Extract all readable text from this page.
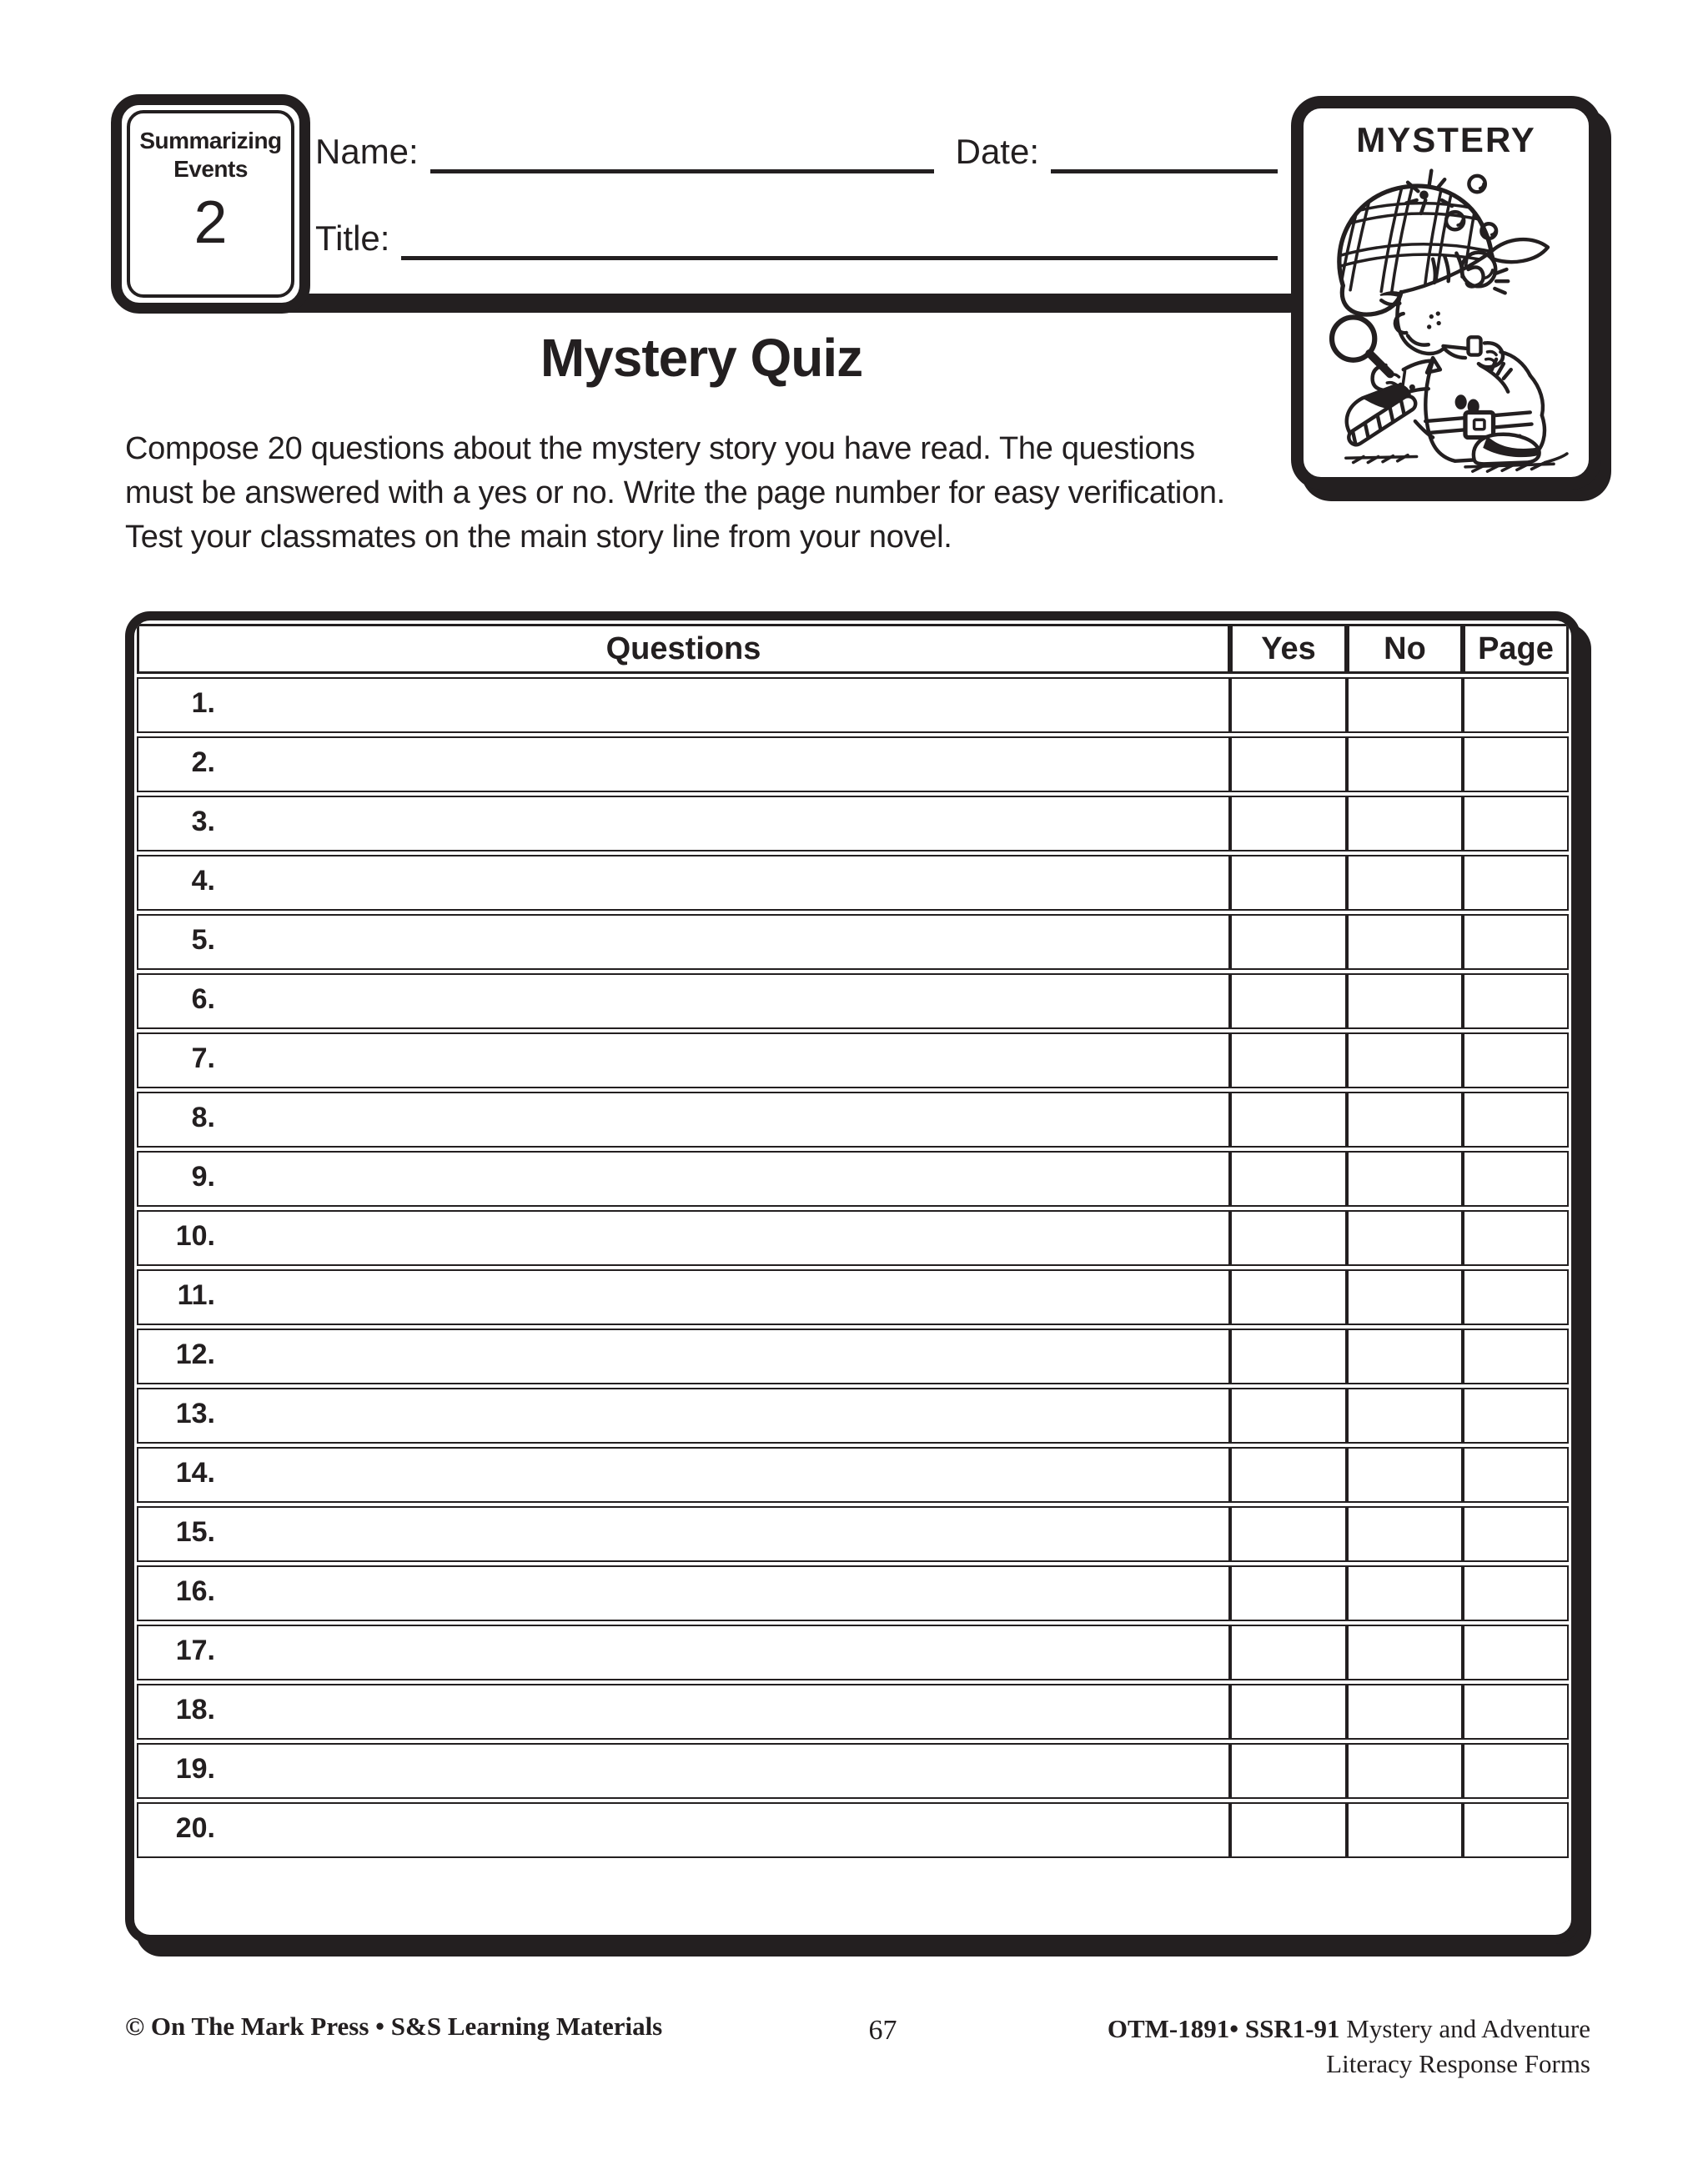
Summarizing
Events
2
Name:	Date:
Title:
MYSTERY
Mystery Quiz
Compose 20 questions about the mystery story you have read. The questions
must be answered with a yes or no. Write the page number for easy verification.
Test your classmates on the main story line from your novel.
Questions	Yes	No	Page
1.			
2.			
3.			
4.			
5.			
6.			
7.			
8.			
9.			
10.			
11.			
12.			
13.			
14.			
15.			
16.			
17.			
18.			
19.			
20.			
© On The Mark Press • S&S Learning Materials	67	OTM-1891• SSR1-91 Mystery and Adventure
Literacy Response Forms
